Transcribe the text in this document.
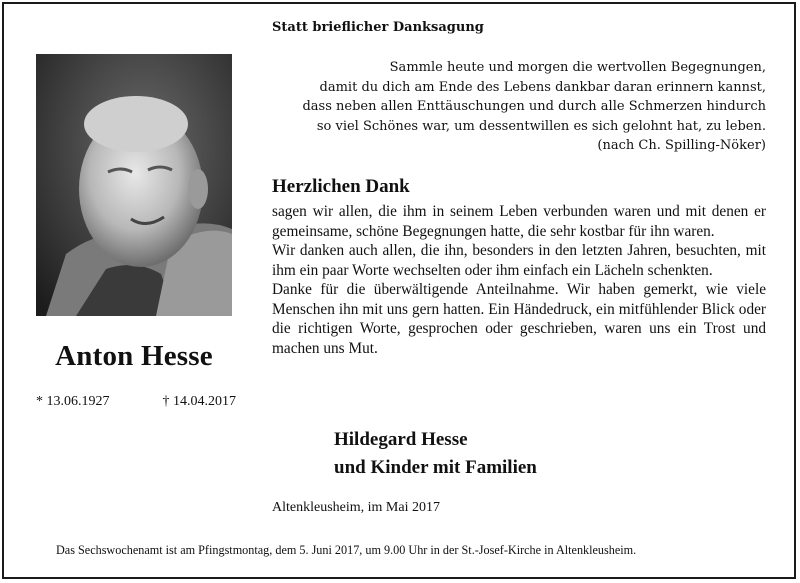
Statt brieflicher Danksagung
Sammle heute und morgen die wertvollen Begegnungen,
damit du dich am Ende des Lebens dankbar daran erinnern kannst,
dass neben allen Enttäuschungen und durch alle Schmerzen hindurch
so viel Schönes war, um dessentwillen es sich gelohnt hat, zu leben.
(nach Ch. Spilling-Nöker)
Anton Hesse
* 13.06.1927	† 14.04.2017
Herzlichen Dank

sagen wir allen, die ihm in seinem Leben verbunden waren und mit denen er gemeinsame, schöne Begegnungen hatte, die sehr kostbar für ihn waren.

Wir danken auch allen, die ihn, besonders in den letzten Jahren, besuchten, mit ihm ein paar Worte wechselten oder ihm einfach ein Lächeln schenkten.

Danke für die überwältigende Anteilnahme. Wir haben gemerkt, wie viele Menschen ihn mit uns gern hatten. Ein Händedruck, ein mitfühlender Blick oder die richtigen Worte, gesprochen oder geschrieben, waren uns ein Trost und machen uns Mut.

Hildegard Hesse
und Kinder mit Familien
Altenkleusheim, im Mai 2017
Das Sechswochenamt ist am Pfingstmontag, dem 5. Juni 2017, um 9.00 Uhr in der St.-Josef-Kirche in Altenkleusheim.
